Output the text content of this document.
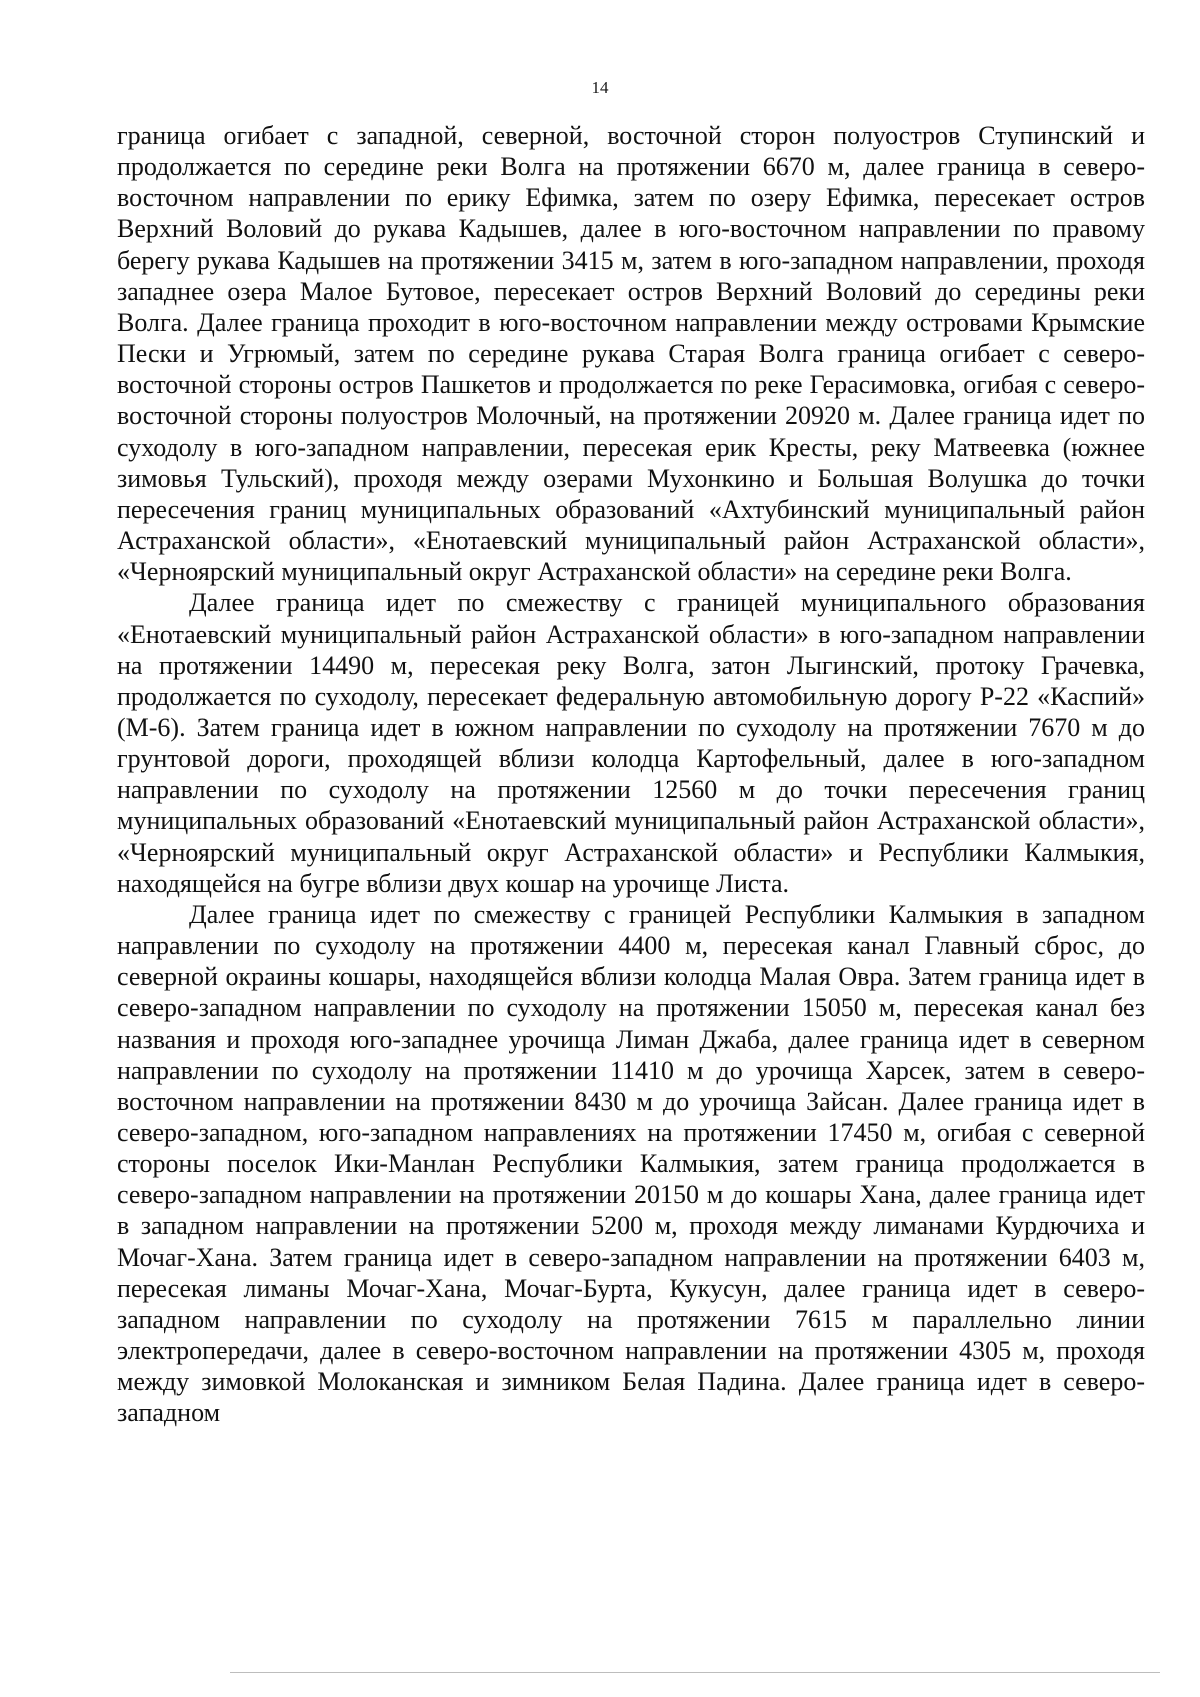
14

граница огибает с западной, северной, восточной сторон полуостров Ступинский и продолжается по середине реки Волга на протяжении 6670 м, далее граница в северо-восточном направлении по ерику Ефимка, затем по озеру Ефимка, пересекает остров Верхний Воловий до рукава Кадышев, далее в юго-восточном направлении по правому берегу рукава Кадышев на протяжении 3415 м, затем в юго-западном направлении, проходя западнее озера Малое Бутовое, пересекает остров Верхний Воловий до середины реки Волга. Далее граница проходит в юго-восточном направлении между островами Крымские Пески и Угрюмый, затем по середине рукава Старая Волга граница огибает с северо-восточной стороны остров Пашкетов и продолжается по реке Герасимовка, огибая с северо-восточной стороны полуостров Молочный, на протяжении 20920 м. Далее граница идет по суходолу в юго-западном направлении, пересекая ерик Кресты, реку Матвеевка (южнее зимовья Тульский), проходя между озерами Мухонкино и Большая Волушка до точки пересечения границ муниципальных образований «Ахтубинский муниципальный район Астраханской области», «Енотаевский муниципальный район Астраханской области», «Черноярский муниципальный округ Астраханской области» на середине реки Волга.

Далее граница идет по смежеству с границей муниципального образования «Енотаевский муниципальный район Астраханской области» в юго-западном направлении на протяжении 14490 м, пересекая реку Волга, затон Лыгинский, протоку Грачевка, продолжается по суходолу, пересекает федеральную автомобильную дорогу Р-22 «Каспий» (М-6). Затем граница идет в южном направлении по суходолу на протяжении 7670 м до грунтовой дороги, проходящей вблизи колодца Картофельный, далее в юго-западном направлении по суходолу на протяжении 12560 м до точки пересечения границ муниципальных образований «Енотаевский муниципальный район Астраханской области», «Черноярский муниципальный округ Астраханской области» и Республики Калмыкия, находящейся на бугре вблизи двух кошар на урочище Листа.

Далее граница идет по смежеству с границей Республики Калмыкия в западном направлении по суходолу на протяжении 4400 м, пересекая канал Главный сброс, до северной окраины кошары, находящейся вблизи колодца Малая Овра. Затем граница идет в северо-западном направлении по суходолу на протяжении 15050 м, пересекая канал без названия и проходя юго-западнее урочища Лиман Джаба, далее граница идет в северном направлении по суходолу на протяжении 11410 м до урочища Харсек, затем в северо-восточном направлении на протяжении 8430 м до урочища Зайсан. Далее граница идет в северо-западном, юго-западном направлениях на протяжении 17450 м, огибая с северной стороны поселок Ики-Манлан Республики Калмыкия, затем граница продолжается в северо-западном направлении на протяжении 20150 м до кошары Хана, далее граница идет в западном направлении на протяжении 5200 м, проходя между лиманами Курдючиха и Мочаг-Хана. Затем граница идет в северо-западном направлении на протяжении 6403 м, пересекая лиманы Мочаг-Хана, Мочаг-Бурта, Кукусун, далее граница идет в северо-западном направлении по суходолу на протяжении 7615 м параллельно линии электропередачи, далее в северо-восточном направлении на протяжении 4305 м, проходя между зимовкой Молоканская и зимником Белая Падина. Далее граница идет в северо-западном
